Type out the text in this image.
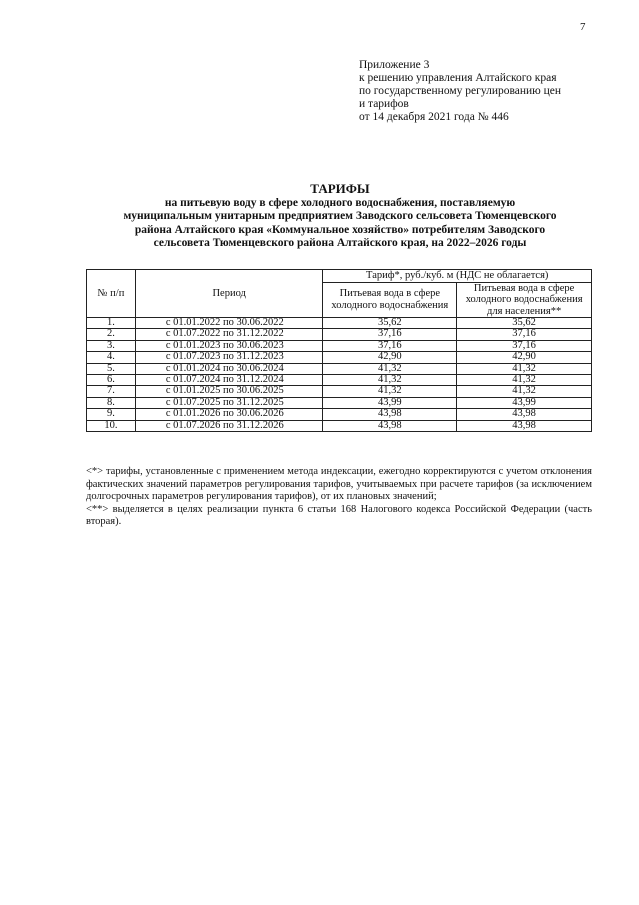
7
Приложение 3
к решению управления Алтайского края
по государственному регулированию цен
и тарифов
от 14 декабря 2021 года № 446
ТАРИФЫ
на питьевую воду в сфере холодного водоснабжения, поставляемую
муниципальным унитарным предприятием Заводского сельсовета Тюменцевского
района Алтайского края «Коммунальное хозяйство» потребителям Заводского
сельсовета Тюменцевского района Алтайского края, на 2022–2026 годы
№ п/п	Период	Тариф*, руб./куб. м (НДС не облагается)	
		Питьевая вода в сфере холодного водоснабжения	Питьевая вода в сфере холодного водоснабжения для населения**
1.	с 01.01.2022 по 30.06.2022	35,62	35,62
2.	с 01.07.2022 по 31.12.2022	37,16	37,16
3.	с 01.01.2023 по 30.06.2023	37,16	37,16
4.	с 01.07.2023 по 31.12.2023	42,90	42,90
5.	с 01.01.2024 по 30.06.2024	41,32	41,32
6.	с 01.07.2024 по 31.12.2024	41,32	41,32
7.	с 01.01.2025 по 30.06.2025	41,32	41,32
8.	с 01.07.2025 по 31.12.2025	43,99	43,99
9.	с 01.01.2026 по 30.06.2026	43,98	43,98
10.	с 01.07.2026 по 31.12.2026	43,98	43,98

<*> тарифы, установленные с применением метода индексации, ежегодно корректируются с учетом отклонения фактических значений параметров регулирования тарифов, учитываемых при расчете тарифов (за исключением долгосрочных параметров регулирования тарифов), от их плановых значений;

<**> выделяется в целях реализации пункта 6 статьи 168 Налогового кодекса Российской Федерации (часть вторая).
